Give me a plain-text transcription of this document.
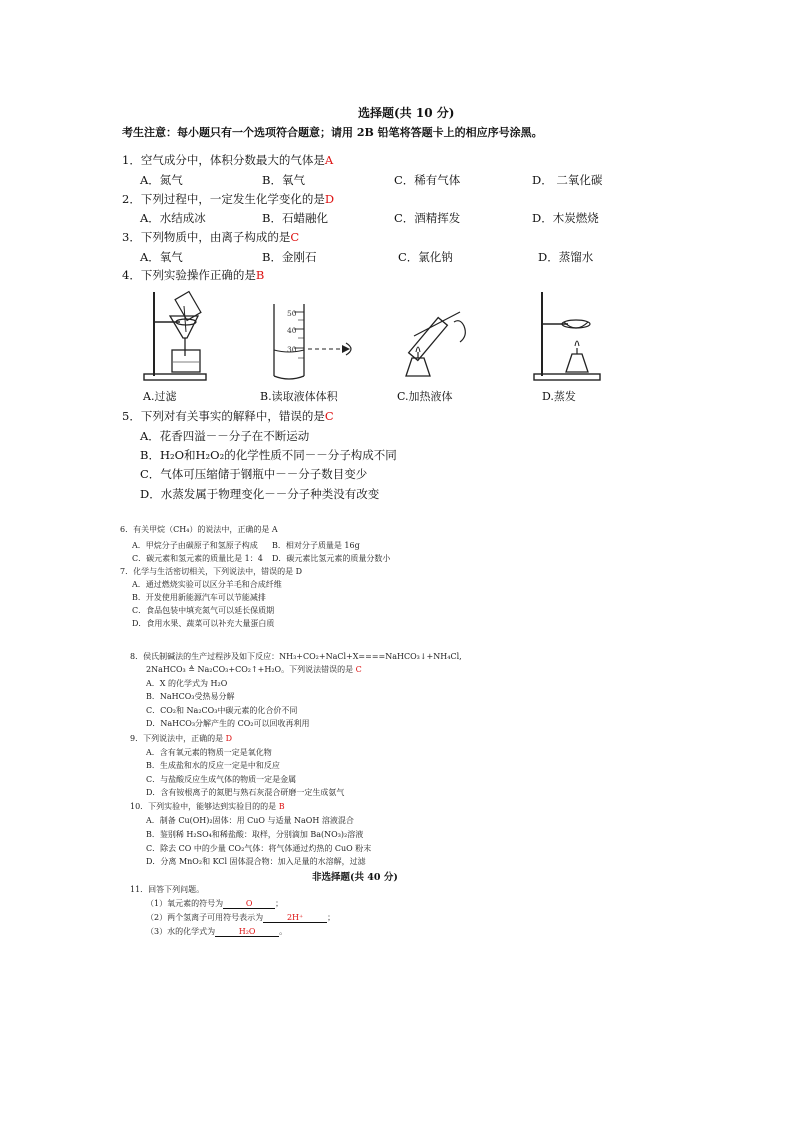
选择题(共 10 分)
考生注意：每小题只有一个选项符合题意；请用 2B 铅笔将答题卡上的相应序号涂黑。
1．空气成分中，体积分数最大的气体是A
A．氮气	B．氧气	C．稀有气体	D． 二氧化碳
2．下列过程中，一定发生化学变化的是D
A．水结成冰	B．石蜡融化	C．酒精挥发	D．木炭燃烧
3．下列物质中，由离子构成的是C
A．氧气	B．金刚石	C．氯化钠	D．蒸馏水
4．下列实验操作正确的是B
A.过滤
50
40
30
B.读取液体体积	C.加热液体	D.蒸发
5．下列对有关事实的解释中，错误的是C
A．花香四溢－－分子在不断运动
B．H₂O和H₂O₂的化学性质不同－－分子构成不同
C．气体可压缩储于钢瓶中－－分子数目变少
D．水蒸发属于物理变化－－分子种类没有改变
6．有关甲烷（CH₄）的说法中，正确的是 A
A．甲烷分子由碳原子和氢原子构成 B．相对分子质量是 16g
C．碳元素和氢元素的质量比是 1：4 D．碳元素比氢元素的质量分数小
7．化学与生活密切相关，下列说法中，错误的是 D
A．通过燃烧实验可以区分羊毛和合成纤维
B．开发使用新能源汽车可以节能减排
C．食品包装中填充氮气可以延长保质期
D．食用水果、蔬菜可以补充大量蛋白质
8．侯氏制碱法的生产过程涉及如下反应：NH₃+CO₂+NaCl+X====NaHCO₃↓+NH₄Cl,
2NaHCO₃ ≜ Na₂CO₃+CO₂↑+H₂O。下列说法错误的是 C
A．X 的化学式为 H₂O
B．NaHCO₃受热易分解
C．CO₂和 Na₂CO₃中碳元素的化合价不同
D．NaHCO₃分解产生的 CO₂可以回收再利用
9．下列说法中，正确的是 D
A．含有氧元素的物质一定是氧化物
B．生成盐和水的反应一定是中和反应
C．与盐酸反应生成气体的物质一定是金属
D．含有铵根离子的氮肥与熟石灰混合研磨一定生成氨气
10．下列实验中，能够达到实验目的的是 B
A．制备 Cu(OH)₂固体：用 CuO 与适量 NaOH 溶液混合
B．鉴别稀 H₂SO₄和稀盐酸：取样，分别滴加 Ba(NO₃)₂溶液
C．除去 CO 中的少量 CO₂气体：将气体通过灼热的 CuO 粉末
D．分离 MnO₂和 KCl 固体混合物：加入足量的水溶解，过滤
非选择题(共 40 分)
11．回答下列问题。
（1）氧元素的符号为	O	；
（2）两个氢离子可用符号表示为	2H⁺	；
（3）水的化学式为	H₂O	。
